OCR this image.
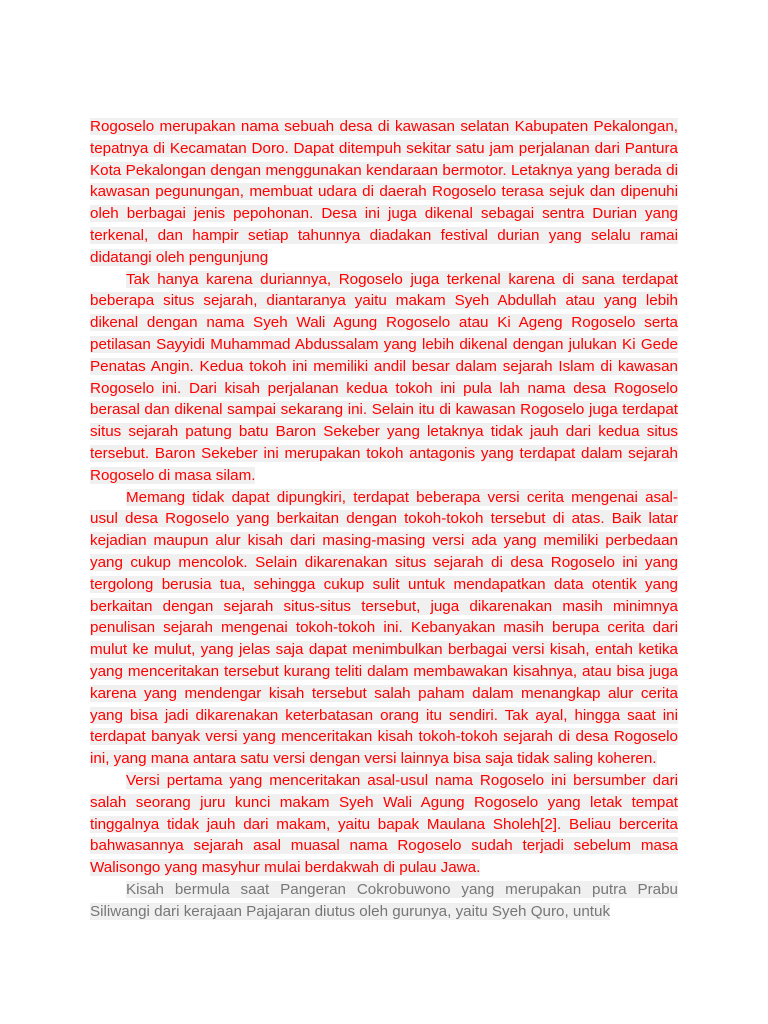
Rogoselo merupakan nama sebuah desa di kawasan selatan Kabupaten Pekalongan, tepatnya di Kecamatan Doro. Dapat ditempuh sekitar satu jam perjalanan dari Pantura Kota Pekalongan dengan menggunakan kendaraan bermotor. Letaknya yang berada di kawasan pegunungan, membuat udara di daerah Rogoselo terasa sejuk dan dipenuhi oleh berbagai jenis pepohonan. Desa ini juga dikenal sebagai sentra Durian yang terkenal, dan hampir setiap tahunnya diadakan festival durian yang selalu ramai didatangi oleh pengunjung

Tak hanya karena duriannya, Rogoselo juga terkenal karena di sana terdapat beberapa situs sejarah, diantaranya yaitu makam Syeh Abdullah atau yang lebih dikenal dengan nama Syeh Wali Agung Rogoselo atau Ki Ageng Rogoselo serta petilasan Sayyidi Muhammad Abdussalam yang lebih dikenal dengan julukan Ki Gede Penatas Angin. Kedua tokoh ini memiliki andil besar dalam sejarah Islam di kawasan Rogoselo ini. Dari kisah perjalanan kedua tokoh ini pula lah nama desa Rogoselo berasal dan dikenal sampai sekarang ini. Selain itu di kawasan Rogoselo juga terdapat situs sejarah patung batu Baron Sekeber yang letaknya tidak jauh dari kedua situs tersebut. Baron Sekeber ini merupakan tokoh antagonis yang terdapat dalam sejarah Rogoselo di masa silam.

Memang tidak dapat dipungkiri, terdapat beberapa versi cerita mengenai asal-usul desa Rogoselo yang berkaitan dengan tokoh-tokoh tersebut di atas. Baik latar kejadian maupun alur kisah dari masing-masing versi ada yang memiliki perbedaan yang cukup mencolok. Selain dikarenakan situs sejarah di desa Rogoselo ini yang tergolong berusia tua, sehingga cukup sulit untuk mendapatkan data otentik yang berkaitan dengan sejarah situs-situs tersebut, juga dikarenakan masih minimnya penulisan sejarah mengenai tokoh-tokoh ini. Kebanyakan masih berupa cerita dari mulut ke mulut, yang jelas saja dapat menimbulkan berbagai versi kisah, entah ketika yang menceritakan tersebut kurang teliti dalam membawakan kisahnya, atau bisa juga karena yang mendengar kisah tersebut salah paham dalam menangkap alur cerita yang bisa jadi dikarenakan keterbatasan orang itu sendiri. Tak ayal, hingga saat ini terdapat banyak versi yang menceritakan kisah tokoh-tokoh sejarah di desa Rogoselo ini, yang mana antara satu versi dengan versi lainnya bisa saja tidak saling koheren.

Versi pertama yang menceritakan asal-usul nama Rogoselo ini bersumber dari salah seorang juru kunci makam Syeh Wali Agung Rogoselo yang letak tempat tinggalnya tidak jauh dari makam, yaitu bapak Maulana Sholeh[2]. Beliau bercerita bahwasannya sejarah asal muasal nama Rogoselo sudah terjadi sebelum masa Walisongo yang masyhur mulai berdakwah di pulau Jawa.

Kisah bermula saat Pangeran Cokrobuwono yang merupakan putra Prabu Siliwangi dari kerajaan Pajajaran diutus oleh gurunya, yaitu Syeh Quro, untuk
